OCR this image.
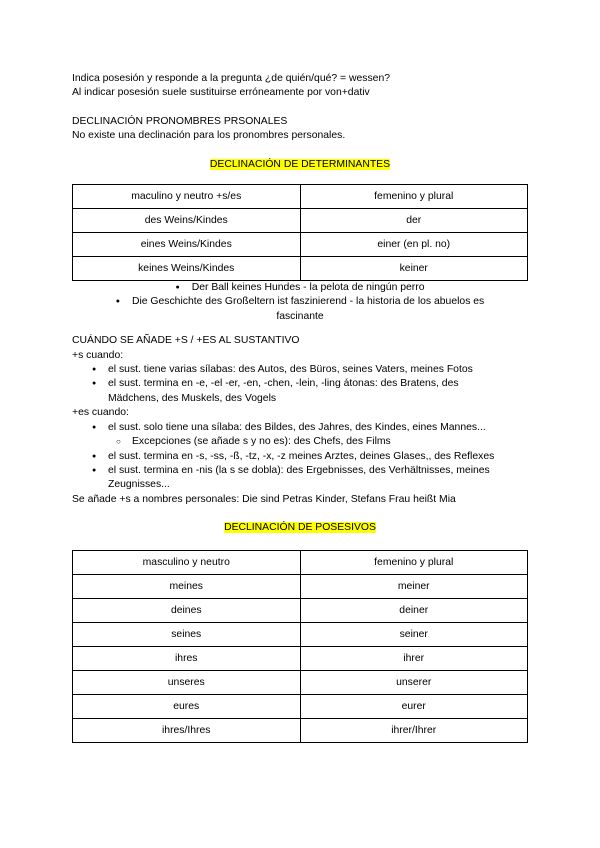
Indica posesión y responde a la pregunta ¿de quién/qué? = wessen?
Al indicar posesión suele sustituirse erróneamente por von+dativ
DECLINACIÓN PRONOMBRES PRSONALES
No existe una declinación para los pronombres personales.
DECLINACIÓN DE DETERMINANTES
maculino y neutro +s/es	femenino y plural
des Weins/Kindes	der
eines Weins/Kindes	einer (en pl. no)
keines Weins/Kindes	keiner
● Der Ball keines Hundes - la pelota de ningún perro
● Die Geschichte des Großeltern ist faszinierend - la historia de los abuelos es
fascinante
CUÁNDO SE AÑADE +S / +ES AL SUSTANTIVO
+s cuando:
● el sust. tiene varias sílabas: des Autos, des Büros, seines Vaters, meines Fotos
● el sust. termina en -e, -el -er, -en, -chen, -lein, -ling átonas: des Bratens, des
Mädchens, des Muskels, des Vogels
+es cuando:
● el sust. solo tiene una sílaba: des Bildes, des Jahres, des Kindes, eines Mannes...
○ Excepciones (se añade s y no es): des Chefs, des Films
● el sust. termina en -s, -ss, -ß, -tz, -x, -z meines Arztes, deines Glases,, des Reflexes
● el sust. termina en -nis (la s se dobla): des Ergebnisses, des Verhältnisses, meines
Zeugnisses...
Se añade +s a nombres personales: Die sind Petras Kinder, Stefans Frau heißt Mia
DECLINACIÓN DE POSESIVOS
masculino y neutro	femenino y plural
meines	meiner
deines	deiner
seines	seiner
ihres	ihrer
unseres	unserer
eures	eurer
ihres/Ihres	ihrer/Ihrer
